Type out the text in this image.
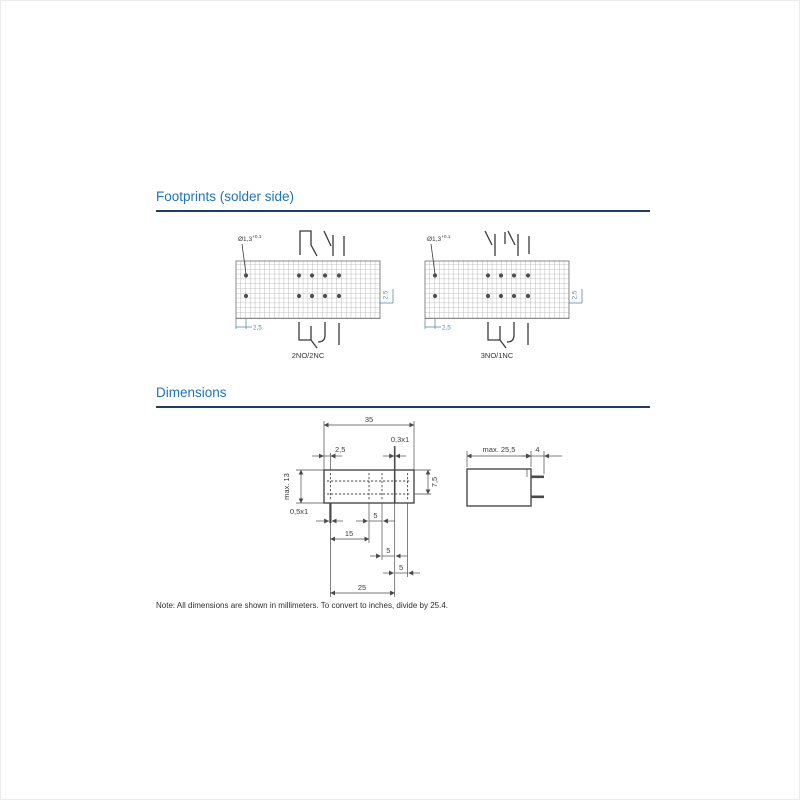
Footprints (solder side)
$Ø1,3^{+0.1}$
2,5
2,5
2NO/2NC
$Ø1,3^{+0.1}$
2,5
2,5
3NO/1NC
Dimensions
35
max. 13
2,5
0,3x1
7,5
0,5x1	5
15
5
5
25
max. 25,5	4
Note: All dimensions are shown in millimeters. To convert to inches, divide by 25.4.
